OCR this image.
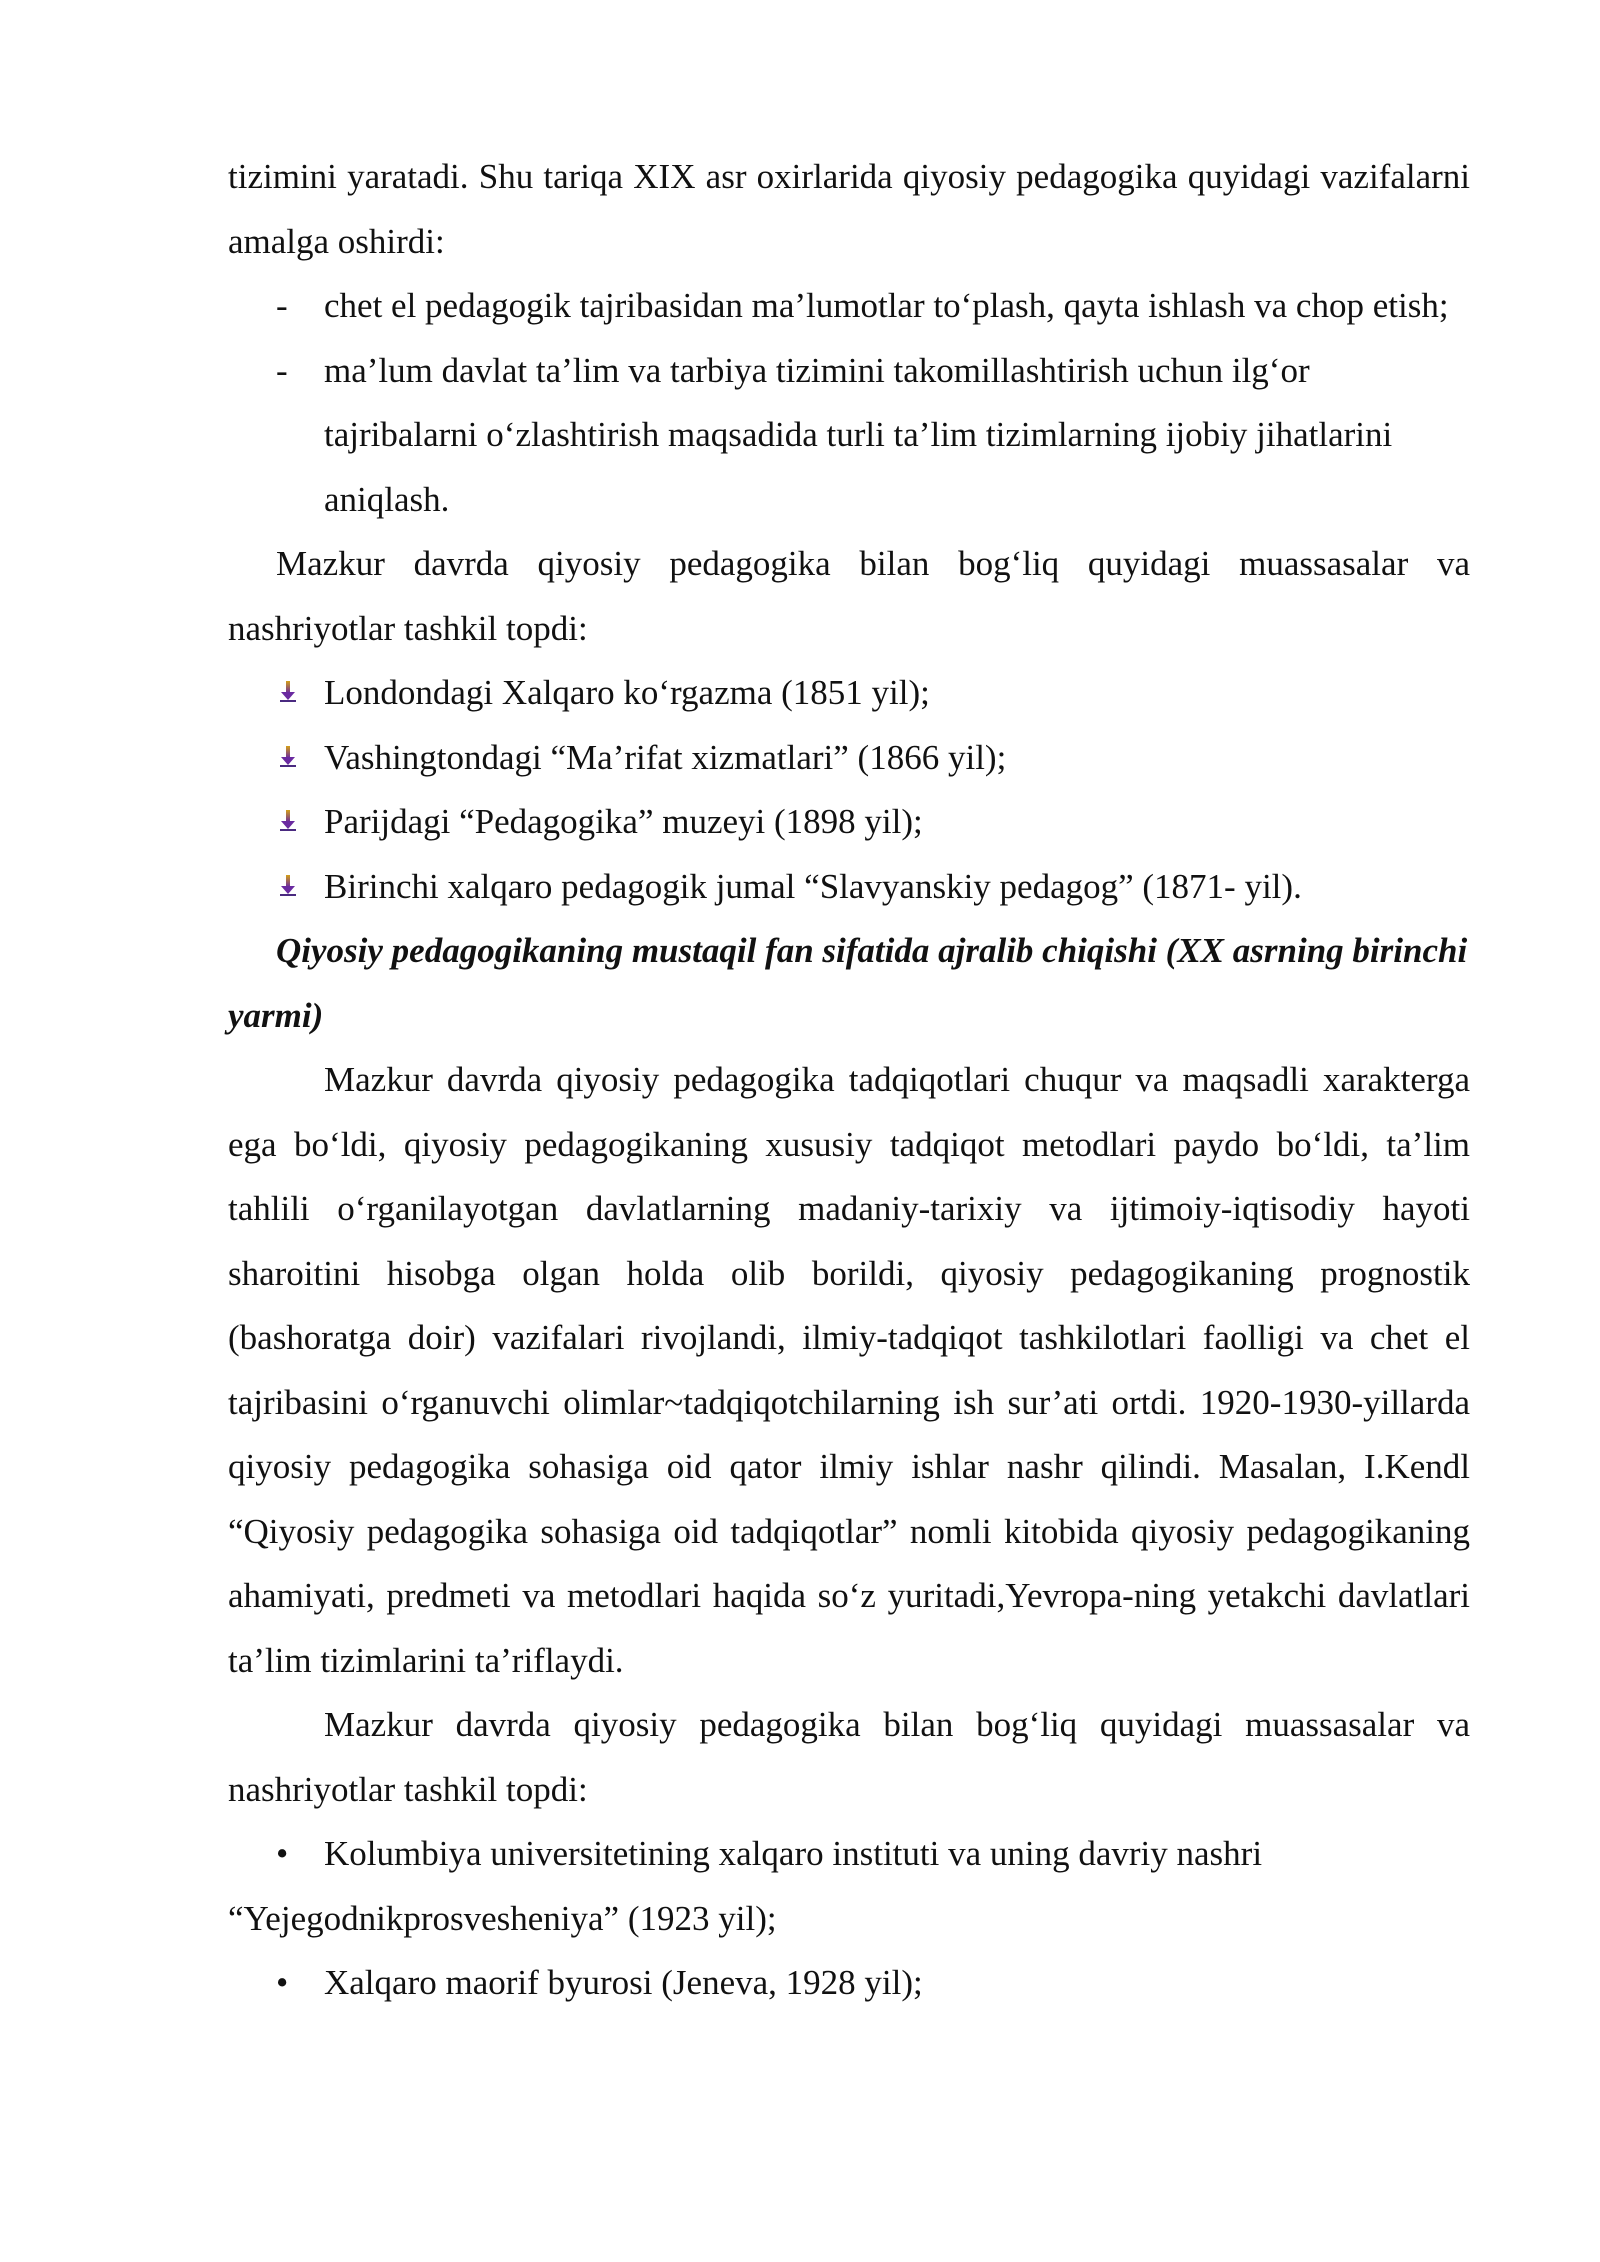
tizimini yaratadi. Shu tariqa XIX asr oxirlarida qiyosiy pedagogika quyidagi vazifalarni amalga oshirdi:

-	chet el pedagogik tajribasidan ma’lumotlar to‘plash, qayta ishlash va chop etish;
-	ma’lum davlat ta’lim va tarbiya tizimini takomillashtirish uchun ilg‘or tajribalarni o‘zlashtirish maqsadida turli ta’lim tizimlarning ijobiy jihatlarini aniqlash.

Mazkur davrda qiyosiy pedagogika bilan bog‘liq quyidagi muassasalar va nashriyotlar tashkil topdi:

Londondagi Xalqaro ko‘rgazma (1851 yil);
Vashingtondagi “Ma’rifat xizmatlari” (1866 yil);
Parijdagi “Pedagogika” muzeyi (1898 yil);
Birinchi xalqaro pedagogik jumal “Slavyanskiy pedagog” (1871- yil).

Qiyosiy pedagogikaning mustaqil fan sifatida ajralib chiqishi (XX asrning birinchi yarmi)

Mazkur davrda qiyosiy pedagogika tadqiqotlari chuqur va maqsadli xarakterga ega bo‘ldi, qiyosiy pedagogikaning xususiy tadqiqot metodlari paydo bo‘ldi, ta’lim tahlili o‘rganilayotgan davlatlarning madaniy-tarixiy va ijtimoiy-iqtisodiy hayoti sharoitini hisobga olgan holda olib borildi, qiyosiy pedagogikaning prognostik (bashoratga doir) vazifalari rivojlandi, ilmiy-tadqiqot tashkilotlari faolligi va chet el tajribasini o‘rganuvchi olimlar~tadqiqotchilarning ish sur’ati ortdi. 1920-1930-yillarda qiyosiy pedagogika sohasiga oid qator ilmiy ishlar nashr qilindi. Masalan, I.Kendl “Qiyosiy pedagogika sohasiga oid tadqiqotlar” nomli kitobida qiyosiy pedagogikaning ahamiyati, predmeti va metodlari haqida so‘z yuritadi,Yevropa-ning yetakchi davlatlari ta’lim tizimlarini ta’riflaydi.

Mazkur davrda qiyosiy pedagogika bilan bog‘liq quyidagi muassasalar va nashriyotlar tashkil topdi:

•	Kolumbiya universitetining xalqaro instituti va uning davriy nashri
“Yejegodnikprosvesheniya” (1923 yil);
•	Xalqaro maorif byurosi (Jeneva, 1928 yil);
